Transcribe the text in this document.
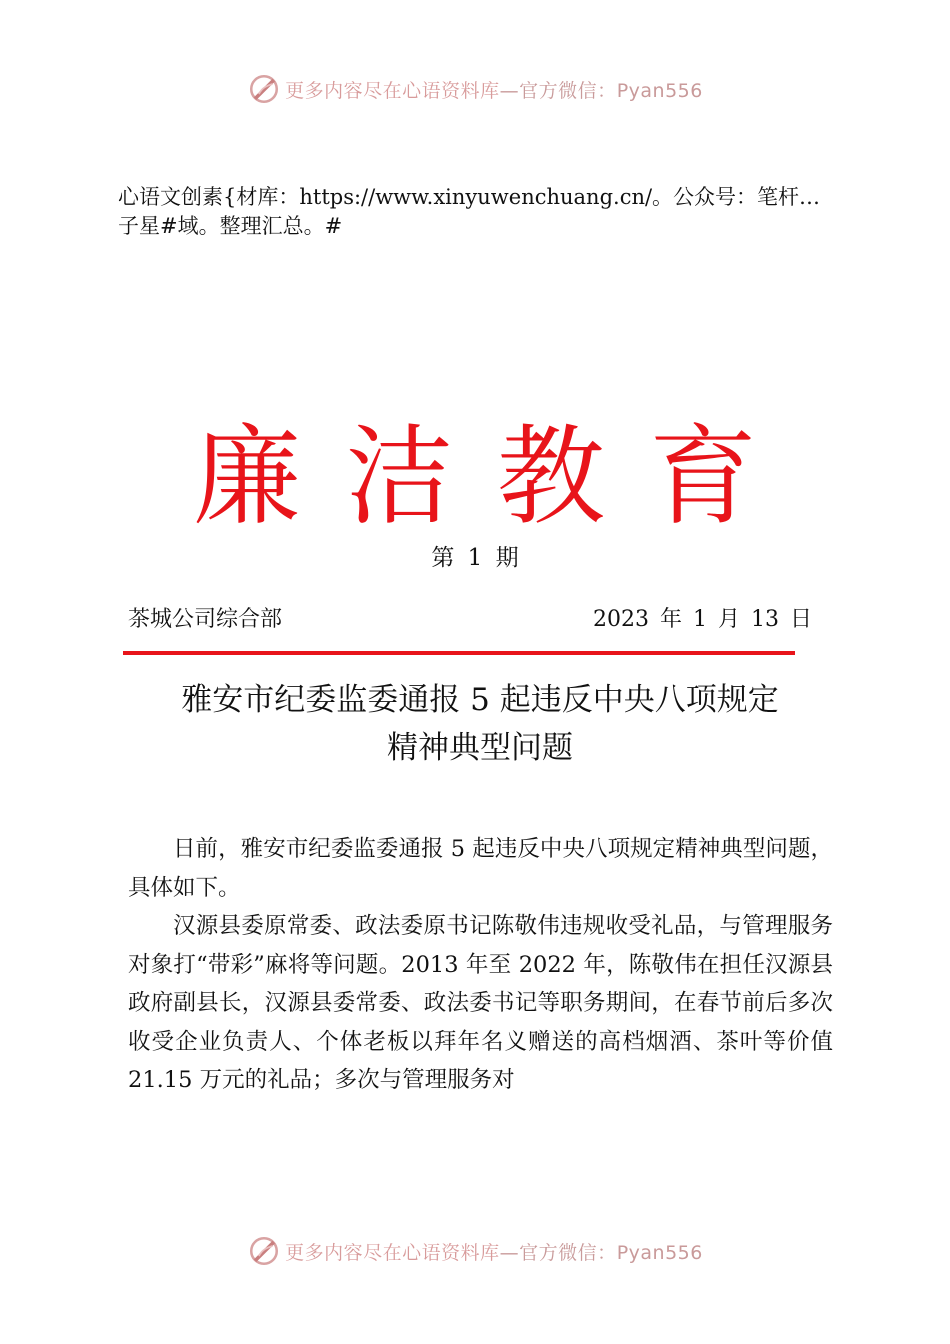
更多内容尽在心语资料库—官方微信：Pyan556
心语文创素{材库：https://www.xinyuwenchuang.cn/。公众号：笔杆…子星#域。整理汇总。#
廉洁教育
第 1 期
茶城公司综合部	2023 年 1 月 13 日
雅安市纪委监委通报 5 起违反中央八项规定
精神典型问题

日前，雅安市纪委监委通报 5 起违反中央八项规定精神典型问题，具体如下。

汉源县委原常委、政法委原书记陈敬伟违规收受礼品，与管理服务对象打“带彩”麻将等问题。2013 年至 2022 年，陈敬伟在担任汉源县政府副县长，汉源县委常委、政法委书记等职务期间，在春节前后多次收受企业负责人、个体老板以拜年名义赠送的高档烟酒、茶叶等价值 21.15 万元的礼品；多次与管理服务对

更多内容尽在心语资料库—官方微信：Pyan556
